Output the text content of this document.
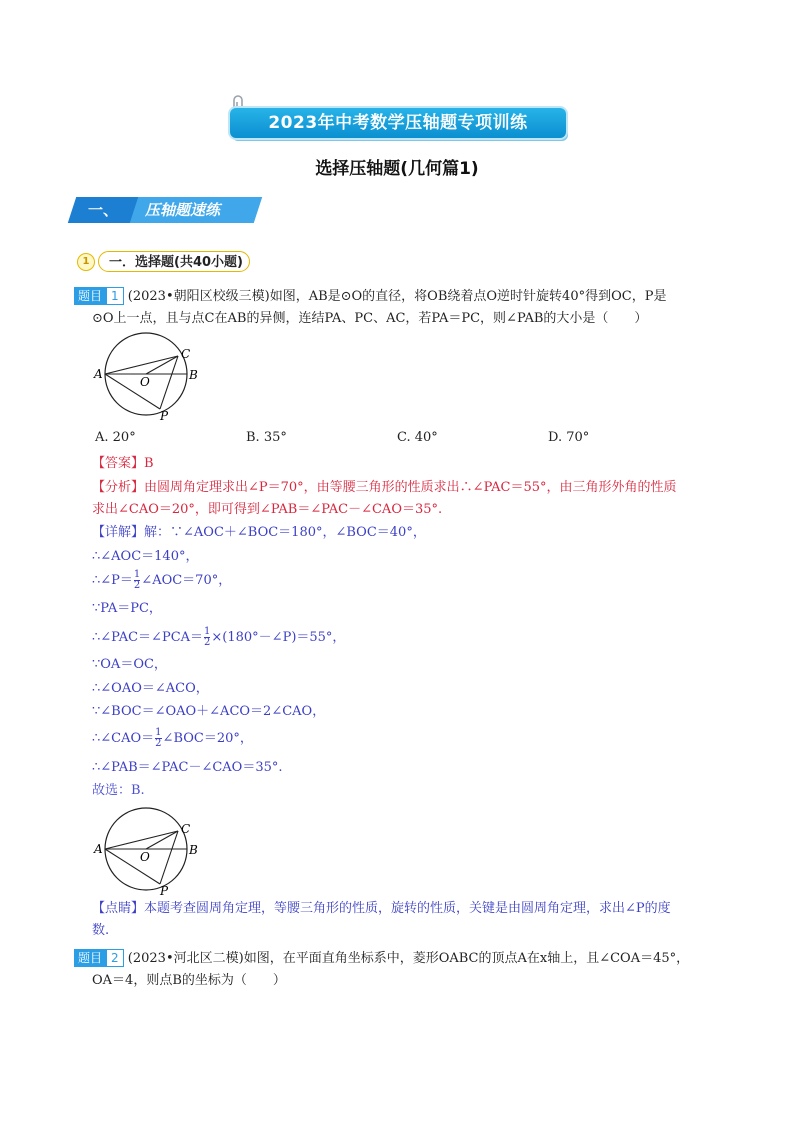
2023年中考数学压轴题专项训练
选择压轴题(几何篇1)
一、 压轴题速练
1	一．选择题(共40小题)
题目 1 (2023•朝阳区校级三模)如图，AB是⊙O的直径，将OB绕着点O逆时针旋转40°得到OC，P是
⊙O上一点，且与点C在AB的异侧，连结PA、PC、AC，若PA＝PC，则∠PAB的大小是（　　）
A	B
C
O
P
A. 20°	B. 35°	C. 40°	D. 70°
【答案】B
【分析】由圆周角定理求出∠P＝70°，由等腰三角形的性质求出∴∠PAC＝55°，由三角形外角的性质
求出∠CAO＝20°，即可得到∠PAB＝∠PAC－∠CAO＝35°.
【详解】解：∵∠AOC＋∠BOC＝180°，∠BOC＝40°，
∴∠AOC＝140°，
∴∠P＝ $\frac{1}{2}$ ∠AOC＝70°，
∵PA＝PC，
∴∠PAC＝∠PCA＝ $\frac{1}{2}$ ×(180°－∠P)＝55°，
∵OA＝OC，
∴∠OAO＝∠ACO，
∵∠BOC＝∠OAO＋∠ACO＝2∠CAO，
∴∠CAO＝ $\frac{1}{2}$ ∠BOC＝20°，
∴∠PAB＝∠PAC－∠CAO＝35°.
故选：B.
A	B
C
O
P
【点睛】本题考查圆周角定理，等腰三角形的性质，旋转的性质，关键是由圆周角定理，求出∠P的度
数.
题目 2 (2023•河北区二模)如图，在平面直角坐标系中，菱形OABC的顶点A在x轴上，且∠COA＝45°，
OA＝4，则点B的坐标为（　　）
